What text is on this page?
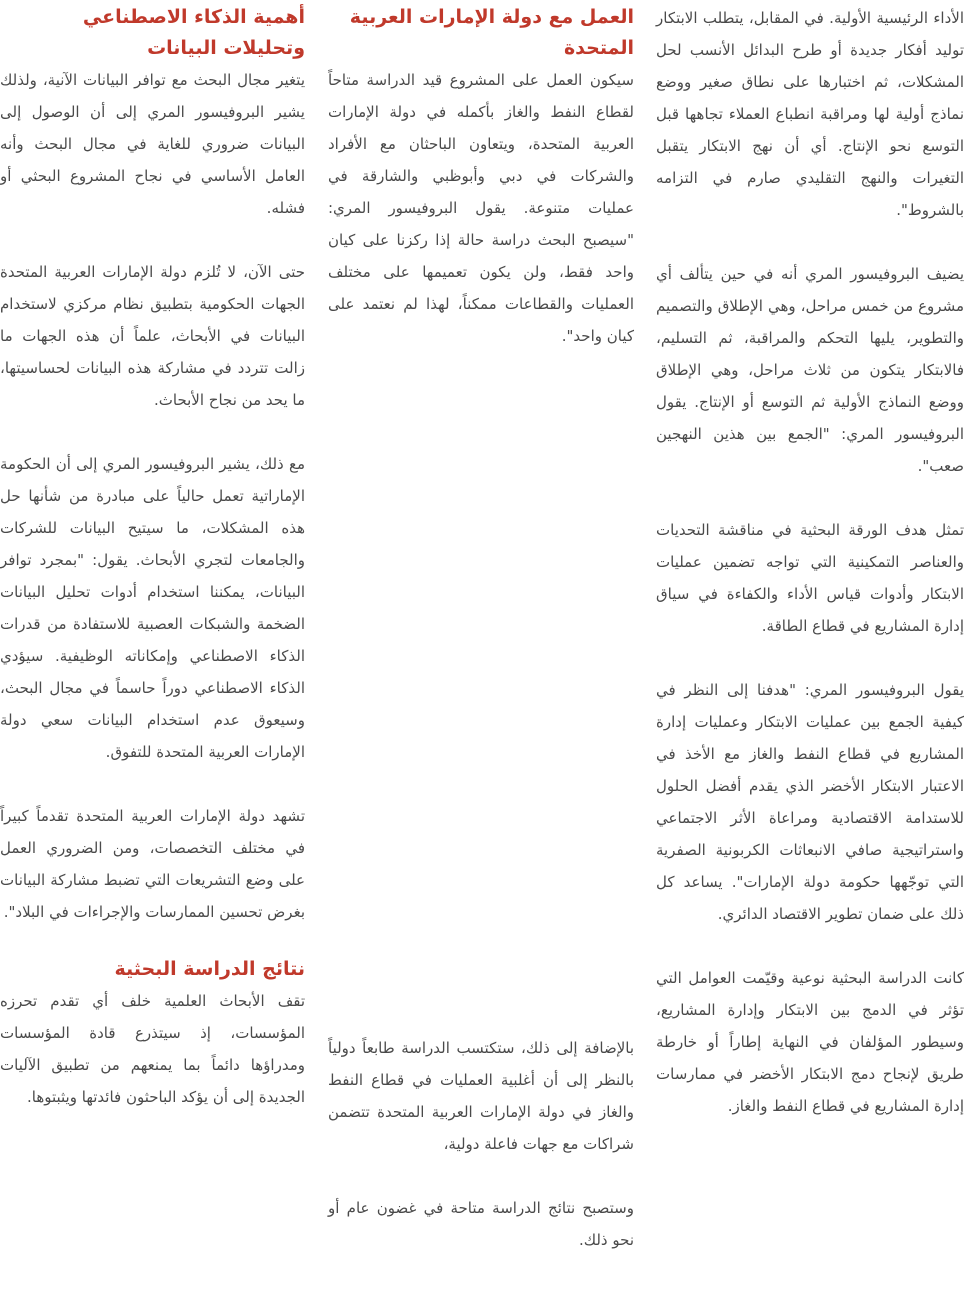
الأداء الرئيسية الأولية. في المقابل، يتطلب الابتكار توليد أفكار جديدة أو طرح البدائل الأنسب لحل المشكلات، ثم اختبارها على نطاق صغير ووضع نماذج أولية لها ومراقبة انطباع العملاء تجاهها قبل التوسع نحو الإنتاج. أي أن نهج الابتكار يتقبل التغيرات والنهج التقليدي صارم في التزامه بالشروط".

يضيف البروفيسور المري أنه في حين يتألف أي مشروع من خمس مراحل، وهي الإطلاق والتصميم والتطوير، يليها التحكم والمراقبة، ثم التسليم، فالابتكار يتكون من ثلاث مراحل، وهي الإطلاق ووضع النماذج الأولية ثم التوسع أو الإنتاج. يقول البروفيسور المري: "الجمع بين هذين النهجين صعب".

تمثل هدف الورقة البحثية في مناقشة التحديات والعناصر التمكينية التي تواجه تضمين عمليات الابتكار وأدوات قياس الأداء والكفاءة في سياق إدارة المشاريع في قطاع الطاقة.

يقول البروفيسور المري: "هدفنا إلى النظر في كيفية الجمع بين عمليات الابتكار وعمليات إدارة المشاريع في قطاع النفط والغاز مع الأخذ في الاعتبار الابتكار الأخضر الذي يقدم أفضل الحلول للاستدامة الاقتصادية ومراعاة الأثر الاجتماعي واستراتيجية صافي الانبعاثات الكربونية الصفرية التي توجّهها حكومة دولة الإمارات". يساعد كل ذلك على ضمان تطوير الاقتصاد الدائري.

كانت الدراسة البحثية نوعية وقيّمت العوامل التي تؤثر في الدمج بين الابتكار وإدارة المشاريع، وسيطور المؤلفان في النهاية إطاراً أو خارطة طريق لإنجاح دمج الابتكار الأخضر في ممارسات إدارة المشاريع في قطاع النفط والغاز.

العمل مع دولة الإمارات العربية المتحدة

سيكون العمل على المشروع قيد الدراسة متاحاً لقطاع النفط والغاز بأكمله في دولة الإمارات العربية المتحدة، ويتعاون الباحثان مع الأفراد والشركات في دبي وأبوظبي والشارقة في عمليات متنوعة. يقول البروفيسور المري: "سيصبح البحث دراسة حالة إذا ركزنا على كيان واحد فقط، ولن يكون تعميمها على مختلف العمليات والقطاعات ممكناً، لهذا لم نعتمد على كيان واحد".

بالإضافة إلى ذلك، ستكتسب الدراسة طابعاً دولياً بالنظر إلى أن أغلبية العمليات في قطاع النفط والغاز في دولة الإمارات العربية المتحدة تتضمن شراكات مع جهات فاعلة دولية،

وستصبح نتائج الدراسة متاحة في غضون عام أو نحو ذلك.

أهمية الذكاء الاصطناعي وتحليلات البيانات

يتغير مجال البحث مع توافر البيانات الآنية، ولذلك يشير البروفيسور المري إلى أن الوصول إلى البيانات ضروري للغاية في مجال البحث وأنه العامل الأساسي في نجاح المشروع البحثي أو فشله.

حتى الآن، لا تُلزم دولة الإمارات العربية المتحدة الجهات الحكومية بتطبيق نظام مركزي لاستخدام البيانات في الأبحاث، علماً أن هذه الجهات ما زالت تتردد في مشاركة هذه البيانات لحساسيتها، ما يحد من نجاح الأبحاث.

مع ذلك، يشير البروفيسور المري إلى أن الحكومة الإماراتية تعمل حالياً على مبادرة من شأنها حل هذه المشكلات، ما سيتيح البيانات للشركات والجامعات لتجري الأبحاث. يقول: "بمجرد توافر البيانات، يمكننا استخدام أدوات تحليل البيانات الضخمة والشبكات العصبية للاستفادة من قدرات الذكاء الاصطناعي وإمكاناته الوظيفية. سيؤدي الذكاء الاصطناعي دوراً حاسماً في مجال البحث، وسيعوق عدم استخدام البيانات سعي دولة الإمارات العربية المتحدة للتفوق.

تشهد دولة الإمارات العربية المتحدة تقدماً كبيراً في مختلف التخصصات، ومن الضروري العمل على وضع التشريعات التي تضبط مشاركة البيانات بغرض تحسين الممارسات والإجراءات في البلاد".

نتائج الدراسة البحثية

تقف الأبحاث العلمية خلف أي تقدم تحرزه المؤسسات، إذ سيتذرع قادة المؤسسات ومدراؤها دائماً بما يمنعهم من تطبيق الآليات الجديدة إلى أن يؤكد الباحثون فائدتها ويثبتوها.
